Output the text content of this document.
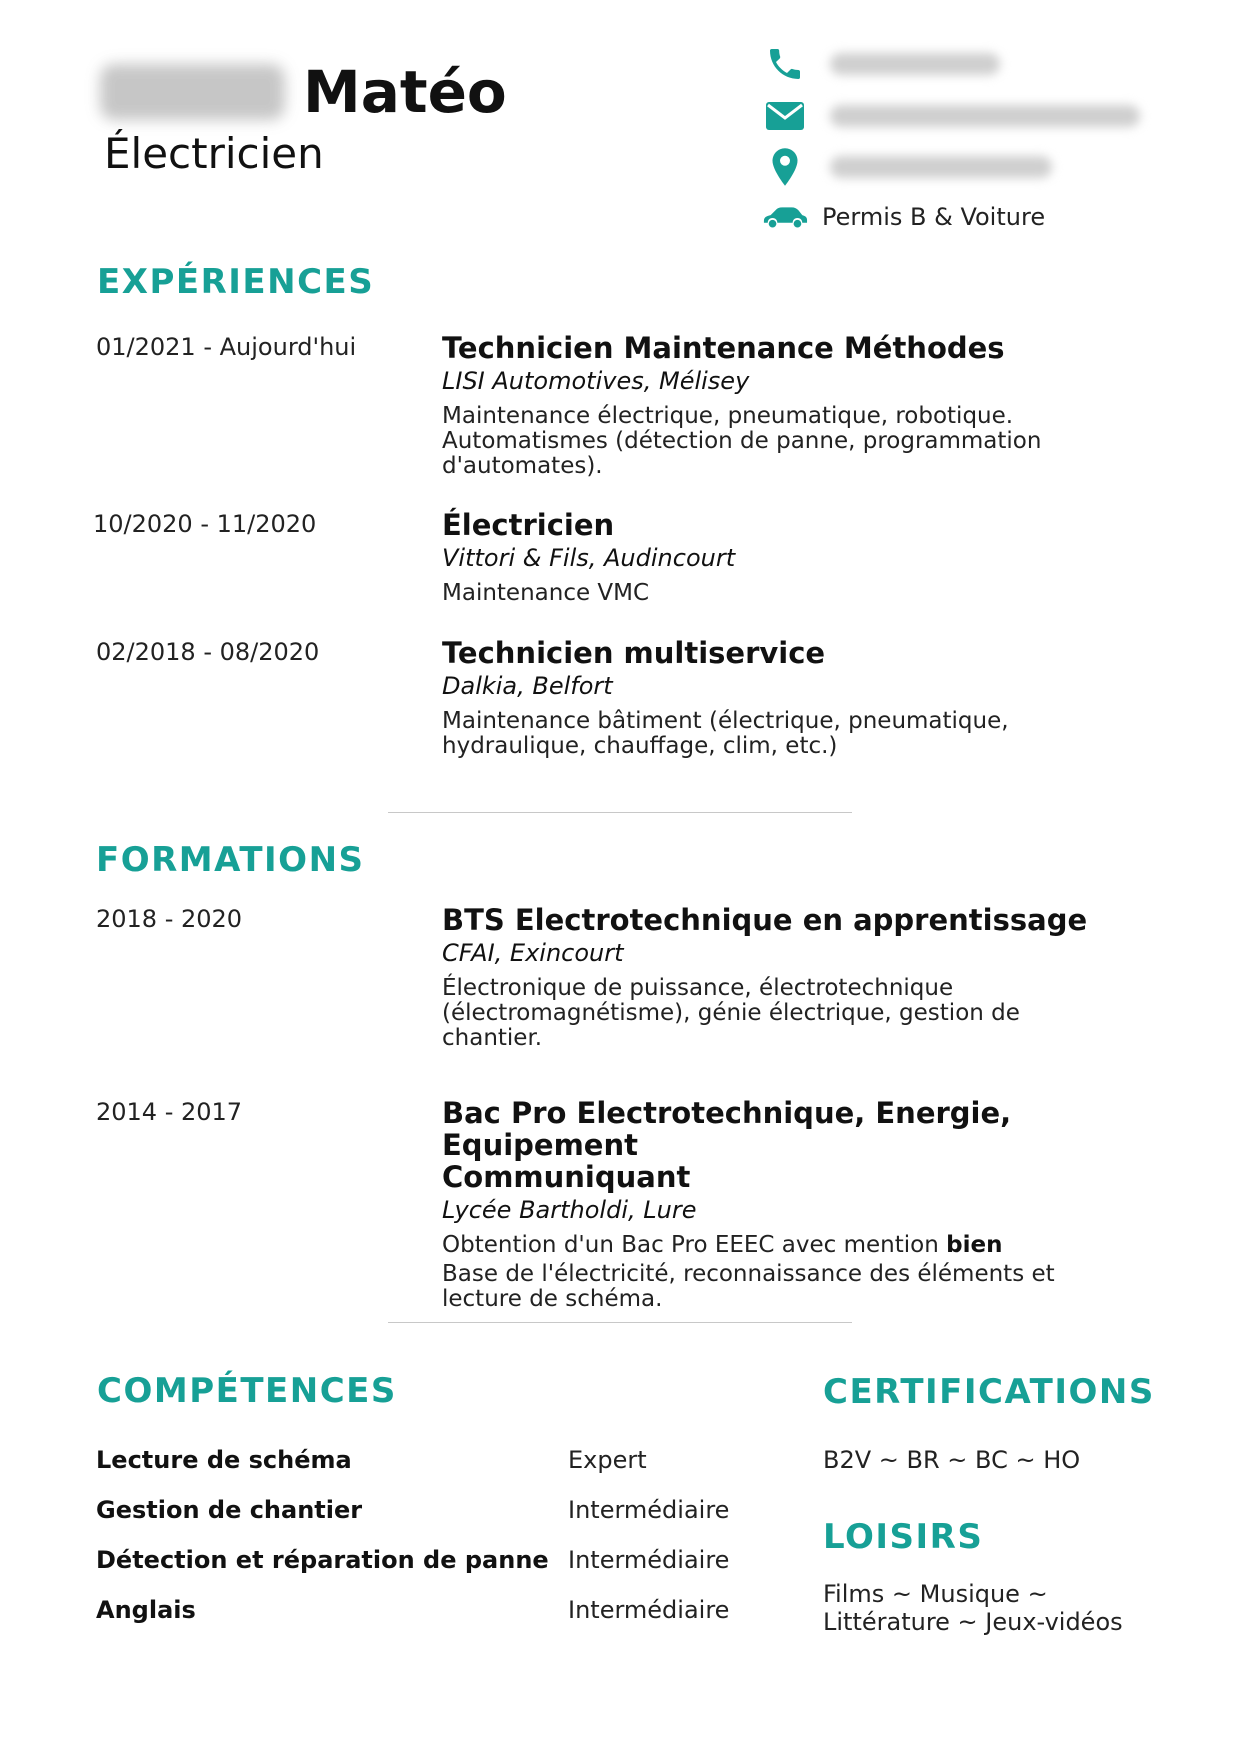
Matéo
Électricien
Permis B & Voiture
EXPÉRIENCES
01/2021 - Aujourd'hui	Technicien Maintenance Méthodes
LISI Automotives, Mélisey
Maintenance électrique, pneumatique, robotique.
Automatismes (détection de panne, programmation
d'automates).
10/2020 - 11/2020	Électricien
Vittori & Fils, Audincourt
Maintenance VMC
02/2018 - 08/2020	Technicien multiservice
Dalkia, Belfort
Maintenance bâtiment (électrique, pneumatique,
hydraulique, chauffage, clim, etc.)
FORMATIONS
2018 - 2020	BTS Electrotechnique en apprentissage
CFAI, Exincourt
Électronique de puissance, électrotechnique
(électromagnétisme), génie électrique, gestion de
chantier.
2014 - 2017	Bac Pro Electrotechnique, Energie, Equipement
Communiquant
Lycée Bartholdi, Lure
Obtention d'un Bac Pro EEEC avec mention bien
Base de l'électricité, reconnaissance des éléments et
lecture de schéma.
COMPÉTENCES
Lecture de schéma	Expert
Gestion de chantier	Intermédiaire
Détection et réparation de panne Intermédiaire
Anglais	Intermédiaire
CERTIFICATIONS
B2V ~ BR ~ BC ~ HO
LOISIRS
Films ~ Musique ~
Littérature ~ Jeux-vidéos
